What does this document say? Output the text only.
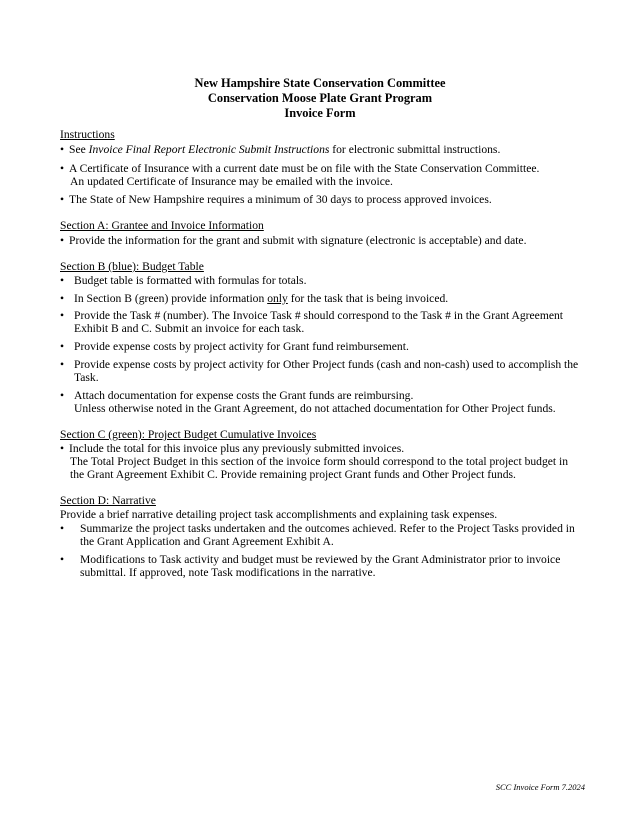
New Hampshire State Conservation Committee
Conservation Moose Plate Grant Program
Invoice Form
Instructions
• See Invoice Final Report Electronic Submit Instructions for electronic submittal instructions.
• A Certificate of Insurance with a current date must be on file with the State Conservation Committee.
An updated Certificate of Insurance may be emailed with the invoice.
• The State of New Hampshire requires a minimum of 30 days to process approved invoices.
Section A: Grantee and Invoice Information
• Provide the information for the grant and submit with signature (electronic is acceptable) and date.
Section B (blue): Budget Table
• Budget table is formatted with formulas for totals.
• In Section B (green) provide information only for the task that is being invoiced.
• Provide the Task # (number). The Invoice Task # should correspond to the Task # in the Grant Agreement
Exhibit B and C. Submit an invoice for each task.
• Provide expense costs by project activity for Grant fund reimbursement.
• Provide expense costs by project activity for Other Project funds (cash and non-cash) used to accomplish the
Task.
• Attach documentation for expense costs the Grant funds are reimbursing.
Unless otherwise noted in the Grant Agreement, do not attached documentation for Other Project funds.
Section C (green): Project Budget Cumulative Invoices
• Include the total for this invoice plus any previously submitted invoices.
The Total Project Budget in this section of the invoice form should correspond to the total project budget in
the Grant Agreement Exhibit C. Provide remaining project Grant funds and Other Project funds.
Section D: Narrative
Provide a brief narrative detailing project task accomplishments and explaining task expenses.
• Summarize the project tasks undertaken and the outcomes achieved. Refer to the Project Tasks provided in
the Grant Application and Grant Agreement Exhibit A.
• Modifications to Task activity and budget must be reviewed by the Grant Administrator prior to invoice
submittal. If approved, note Task modifications in the narrative.
SCC Invoice Form 7.2024
